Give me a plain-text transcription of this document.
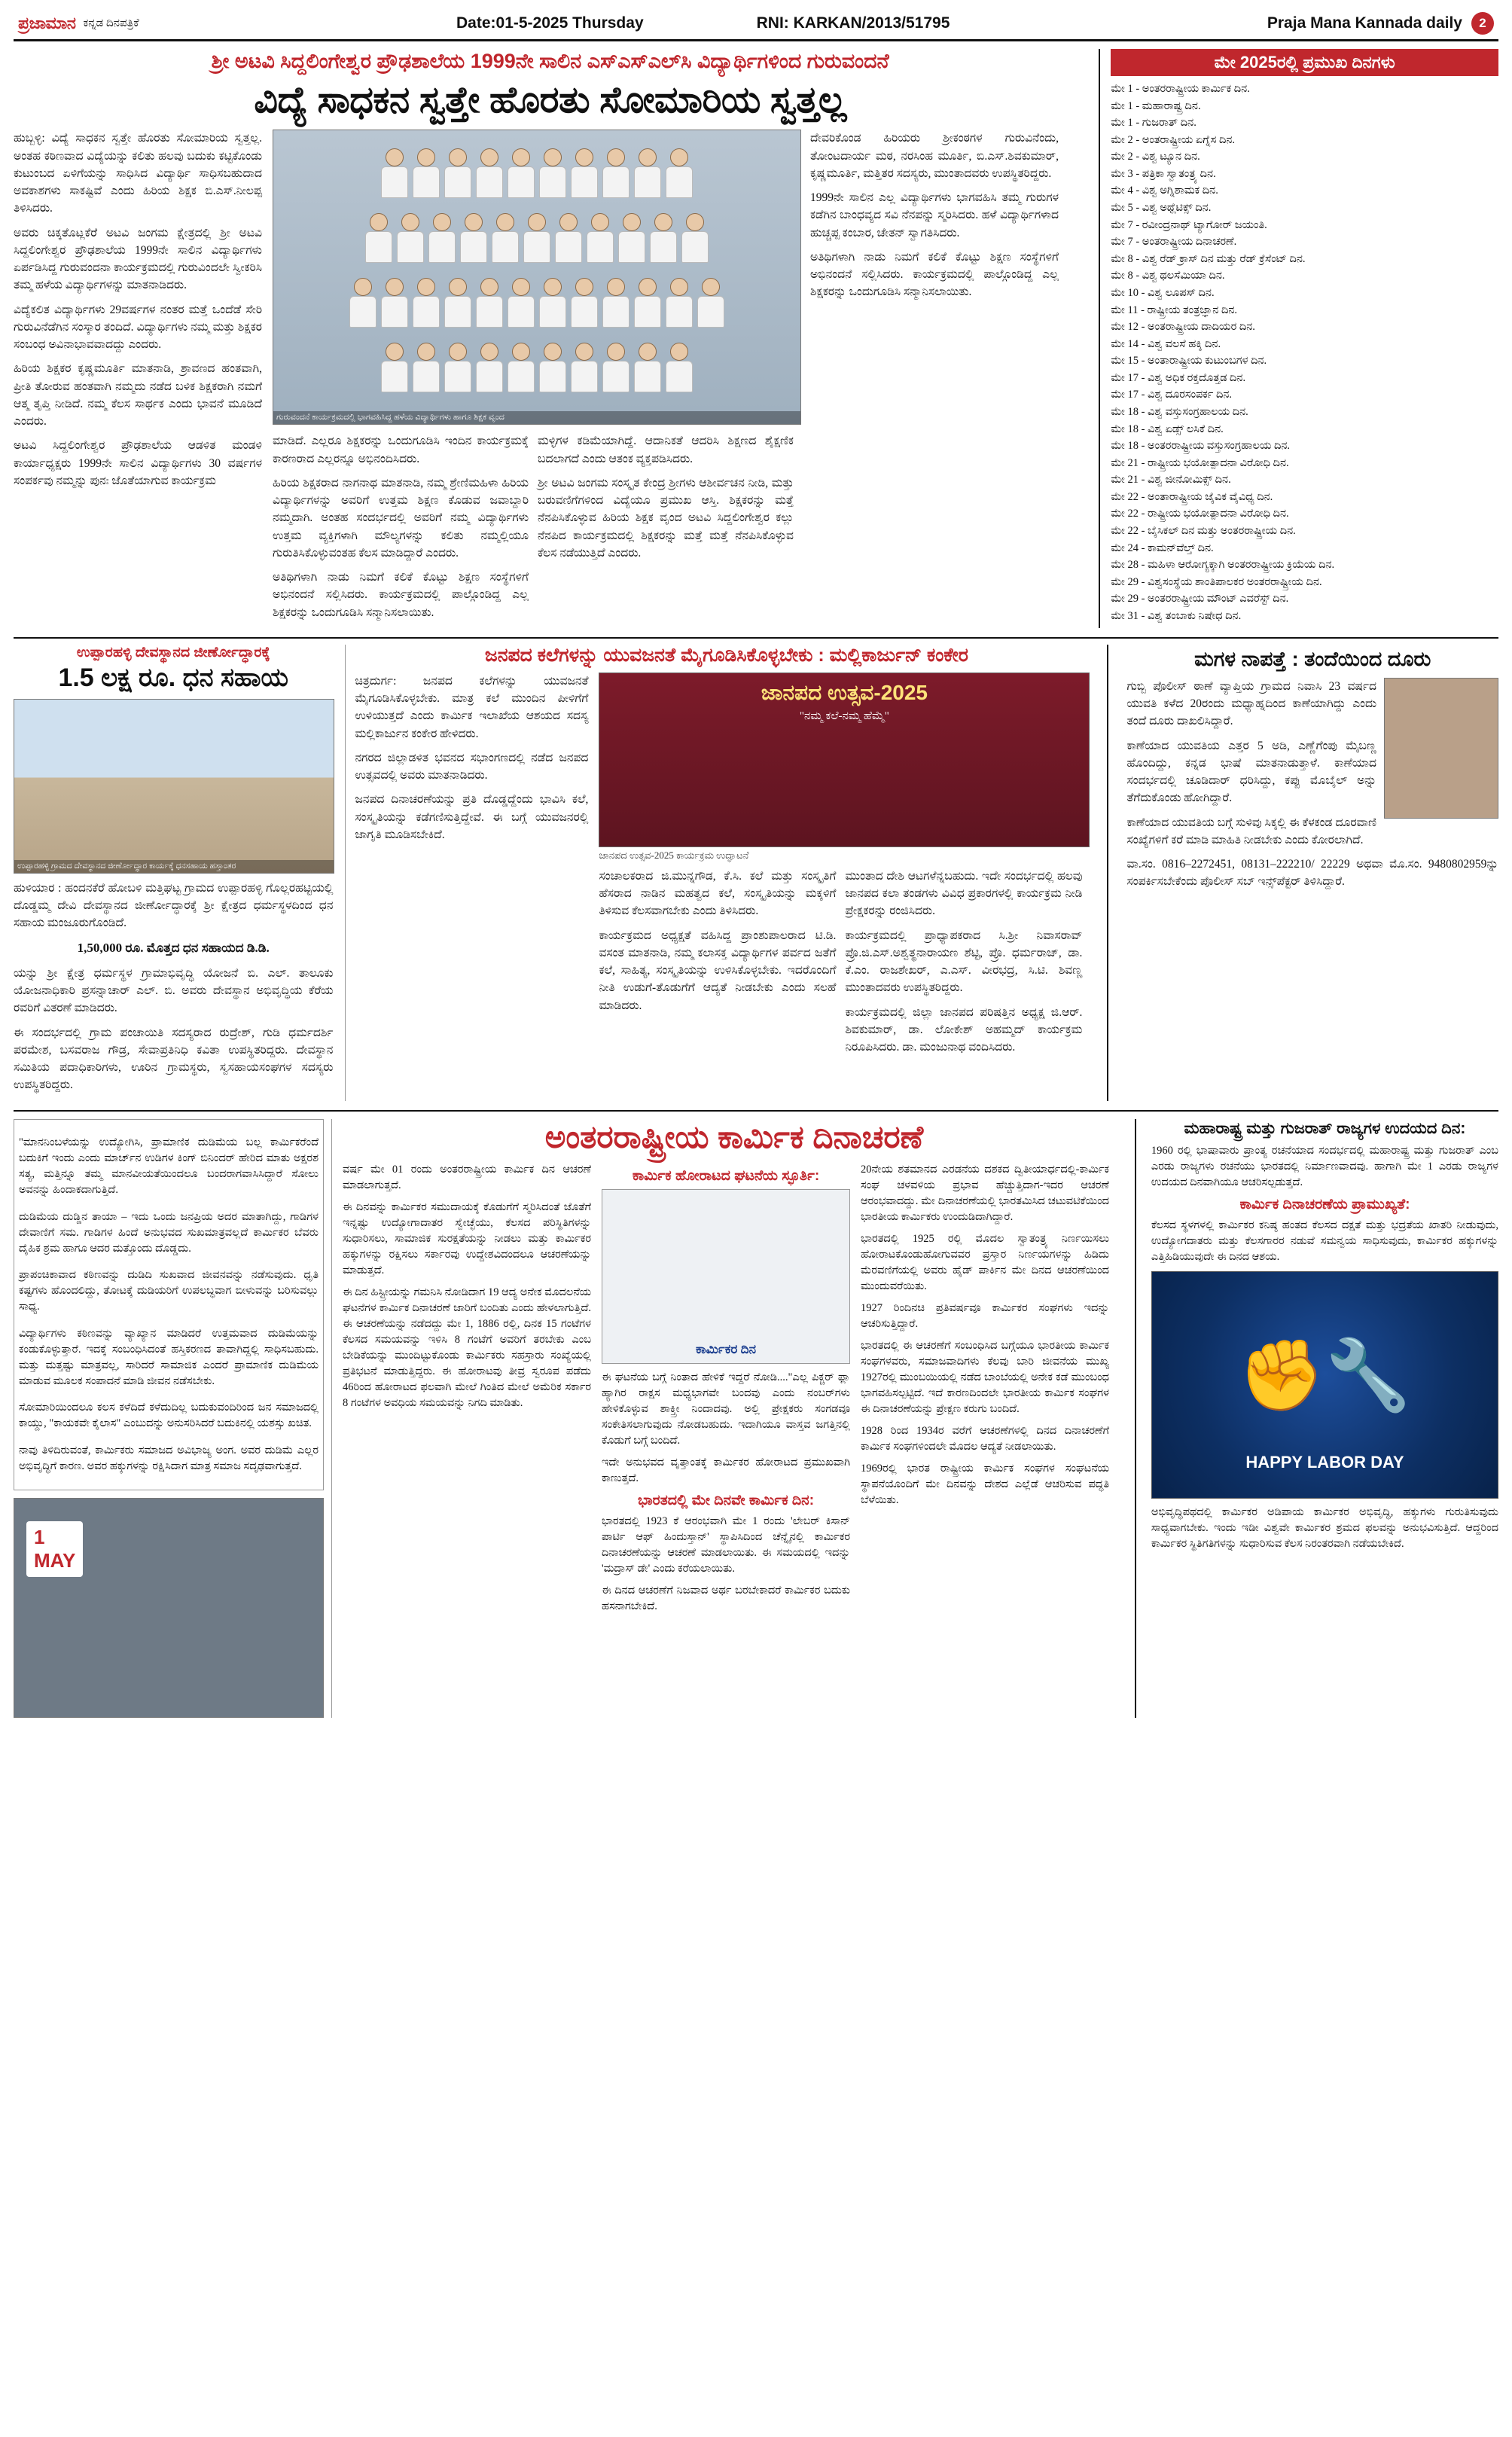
ಪ್ರಜಾಮಾನ ಕನ್ನಡ ದಿನಪತ್ರಿಕೆ	Date:01-5-2025 Thursday	RNI: KARKAN/2013/51795	Praja Mana Kannada daily	2
ಶ್ರೀ ಅಟವಿ ಸಿದ್ದಲಿಂಗೇಶ್ವರ ಪ್ರೌಢಶಾಲೆಯ 1999ನೇ ಸಾಲಿನ ಎಸ್ಎಸ್ಎಲ್‌ಸಿ ವಿದ್ಯಾರ್ಥಿಗಳಿಂದ ಗುರುವಂದನೆ
ವಿದ್ಯೆ ಸಾಧಕನ ಸ್ವತ್ತೇ ಹೊರತು ಸೋಮಾರಿಯ ಸ್ವತ್ತಲ್ಲ

ಹುಬ್ಬಳ್ಳಿ: ವಿದ್ಯೆ ಸಾಧಕನ ಸ್ವತ್ತೇ ಹೊರತು ಸೋಮಾರಿಯ ಸ್ವತ್ತಲ್ಲ. ಅಂತಹ ಕಠಿಣವಾದ ವಿದ್ಯೆಯನ್ನು ಕಲಿತು ಹಲವು ಬದುಕು ಕಟ್ಟಿಕೊಂಡು ಕುಟುಂಬದ ಏಳಿಗೆಯನ್ನು ಸಾಧಿಸಿದ ವಿದ್ಯಾರ್ಥಿ ಸಾಧಿಸಬಹುದಾದ ಅವಕಾಶಗಳು ಸಾಕಷ್ಟಿವೆ ಎಂದು ಹಿರಿಯ ಶಿಕ್ಷಕ ಬಿ.ಎಸ್.ನೀಲಪ್ಪ ತಿಳಿಸಿದರು.

ಅವರು ಚಿಕ್ಕತೊಟ್ಲಕೆರೆ ಅಟವಿ ಜಂಗಮ ಕ್ಷೇತ್ರದಲ್ಲಿ ಶ್ರೀ ಅಟವಿ ಸಿದ್ದಲಿಂಗೇಶ್ವರ ಪ್ರೌಢಶಾಲೆಯ 1999ನೇ ಸಾಲಿನ ವಿದ್ಯಾರ್ಥಿಗಳು ಏರ್ಪಡಿಸಿದ್ದ ಗುರುವಂದನಾ ಕಾರ್ಯಕ್ರಮದಲ್ಲಿ ಗುರುವಿಂದಲೇ ಸ್ವೀಕರಿಸಿ ತಮ್ಮ ಹಳೆಯ ವಿದ್ಯಾರ್ಥಿಗಳನ್ನು ಮಾತನಾಡಿದರು.

ವಿದ್ಯೆಕಲಿತ ವಿದ್ಯಾರ್ಥಿಗಳು 29ವರ್ಷಗಳ ನಂತರ ಮತ್ತೆ ಒಂದೆಡೆ ಸೇರಿ ಗುರುವಿನೆಡೆಗಿನ ಸಂಸ್ಕಾರ ತಂದಿದೆ. ವಿದ್ಯಾರ್ಥಿಗಳು ನಮ್ಮ ಮತ್ತು ಶಿಕ್ಷಕರ ಸಂಬಂಧ ಅವಿನಾಭಾವವಾದದ್ದು ಎಂದರು.

ಹಿರಿಯ ಶಿಕ್ಷಕರ ಕೃಷ್ಣಮೂರ್ತಿ ಮಾತನಾಡಿ, ಶ್ರಾವಣದ ಹಂತವಾಗಿ, ಪ್ರೀತಿ ತೋರುವ ಹಂತವಾಗಿ ನಮ್ಮದು ನಡೆದ ಬಳಿಕ ಶಿಕ್ಷಕರಾಗಿ ನಮಗೆ ಆತ್ಮ ತೃಪ್ತಿ ನೀಡಿದೆ. ನಮ್ಮ ಕೆಲಸ ಸಾರ್ಥಕ ಎಂದು ಭಾವನೆ ಮೂಡಿದೆ ಎಂದರು.

ಅಟವಿ ಸಿದ್ದಲಿಂಗೇಶ್ವರ ಪ್ರೌಢಶಾಲೆಯ ಆಡಳಿತ ಮಂಡಳಿ ಕಾರ್ಯಾಧ್ಯಕ್ಷರು 1999ನೇ ಸಾಲಿನ ವಿದ್ಯಾರ್ಥಿಗಳು 30 ವರ್ಷಗಳ ಸಂಪರ್ಕವು ನಮ್ಮನ್ನು ಪುನಃ ಜೊತೆಯಾಗುವ ಕಾರ್ಯಕ್ರಮ

ಗುರುವಂದನೆ ಕಾರ್ಯಕ್ರಮದಲ್ಲಿ ಭಾಗವಹಿಸಿದ್ದ ಹಳೆಯ ವಿದ್ಯಾರ್ಥಿಗಳು ಹಾಗೂ ಶಿಕ್ಷಕ ವೃಂದ

ಮಾಡಿದೆ. ಎಲ್ಲರೂ ಶಿಕ್ಷಕರನ್ನು ಒಂದುಗೂಡಿಸಿ ಇಂದಿನ ಕಾರ್ಯಕ್ರಮಕ್ಕೆ ಕಾರಣರಾದ ಎಲ್ಲರನ್ನೂ ಅಭಿನಂದಿಸಿದರು.

ಹಿರಿಯ ಶಿಕ್ಷಕರಾದ ನಾಗನಾಥ ಮಾತನಾಡಿ, ನಮ್ಮ ಶ್ರೇಣಿಮಹಿಳಾ ಹಿರಿಯ ವಿದ್ಯಾರ್ಥಿಗಳನ್ನು ಅವರಿಗೆ ಉತ್ತಮ ಶಿಕ್ಷಣ ಕೊಡುವ ಜವಾಬ್ದಾರಿ ನಮ್ಮದಾಗಿ. ಅಂತಹ ಸಂದರ್ಭದಲ್ಲಿ ಅವರಿಗೆ ನಮ್ಮ ವಿದ್ಯಾರ್ಥಿಗಳು ಉತ್ತಮ ವ್ಯಕ್ತಿಗಳಾಗಿ ಮೌಲ್ಯಗಳನ್ನು ಕಲಿತು ನಮ್ಮಲ್ಲಿಯೂ ಗುರುತಿಸಿಕೊಳ್ಳುವಂತಹ ಕೆಲಸ ಮಾಡಿದ್ದಾರೆ ಎಂದರು.

ಅತಿಥಿಗಳಾಗಿ ನಾಡು ನಿಮಗೆ ಕಲಿಕೆ ಕೊಟ್ಟು ಶಿಕ್ಷಣ ಸಂಸ್ಥೆಗಳಿಗೆ ಅಭಿನಂದನೆ ಸಲ್ಲಿಸಿದರು. ಕಾರ್ಯಕ್ರಮದಲ್ಲಿ ಪಾಲ್ಗೊಂಡಿದ್ದ ಎಲ್ಲ ಶಿಕ್ಷಕರನ್ನು ಒಂದುಗೂಡಿಸಿ ಸನ್ಮಾನಿಸಲಾಯಿತು.

ಮಳ್ಳಿಗಳ ಕಡಿಮೆಯಾಗಿದ್ದೆ. ಆದಾನಿಕತೆ ಆದರಿಸಿ ಶಿಕ್ಷಣದ ಶೈಕ್ಷಣಿಕ ಬದಲಾಗದೆ ಎಂದು ಆತಂಕ ವ್ಯಕ್ತಪಡಿಸಿದರು.

ಶ್ರೀ ಅಟವಿ ಜಂಗಮ ಸಂಸ್ಕೃತ ಕೇಂದ್ರ ಶ್ರೀಗಳು ಆಶೀರ್ವಚನ ನೀಡಿ, ಮತ್ತು ಬರುವಣಿಗೆಗಳಿಂದ ವಿದ್ಯೆಯೂ ಪ್ರಮುಖ ಆಸ್ತಿ. ಶಿಕ್ಷಕರನ್ನು ಮತ್ತೆ ನೆನಪಿಸಿಕೊಳ್ಳುವ ಹಿರಿಯ ಶಿಕ್ಷಕ ವೃಂದ ಅಟವಿ ಸಿದ್ದಲಿಂಗೇಶ್ವರ ಕಲ್ಲು ನೆನಪಿದ ಕಾರ್ಯಕ್ರಮದಲ್ಲಿ ಶಿಕ್ಷಕರನ್ನು ಮತ್ತೆ ಮತ್ತೆ ನೆನಪಿಸಿಕೊಳ್ಳುವ ಕೆಲಸ ನಡೆಯುತ್ತಿದೆ ಎಂದರು.

ದೇವರಿಕೊಂಡ ಹಿರಿಯರು ಶ್ರೀಕಂಠಗಳ ಗುರುವಿನೆಂದು, ತೋಂಟದಾರ್ಯ ಮಠ, ನರಸಿಂಹ ಮೂರ್ತಿ, ಬಿ.ಎಸ್.ಶಿವಕುಮಾರ್, ಕೃಷ್ಣಮೂರ್ತಿ, ಮತ್ತಿತರ ಸದಸ್ಯರು, ಮುಂತಾದವರು ಉಪಸ್ಥಿತರಿದ್ದರು.

1999ನೇ ಸಾಲಿನ ಎಲ್ಲ ವಿದ್ಯಾರ್ಥಿಗಳು ಭಾಗವಹಿಸಿ ತಮ್ಮ ಗುರುಗಳ ಕಡೆಗಿನ ಬಾಂಧವ್ಯದ ಸವಿ ನೆನಪನ್ನು ಸ್ಮರಿಸಿದರು. ಹಳೆ ವಿದ್ಯಾರ್ಥಿಗಳಾದ ಹುಚ್ಚಪ್ಪ ಕಂಬಾರ, ಚೇತನ್ ಸ್ವಾಗತಿಸಿದರು.

ಅತಿಥಿಗಳಾಗಿ ನಾಡು ನಿಮಗೆ ಕಲಿಕೆ ಕೊಟ್ಟು ಶಿಕ್ಷಣ ಸಂಸ್ಥೆಗಳಿಗೆ ಅಭಿನಂದನೆ ಸಲ್ಲಿಸಿದರು. ಕಾರ್ಯಕ್ರಮದಲ್ಲಿ ಪಾಲ್ಗೊಂಡಿದ್ದ ಎಲ್ಲ ಶಿಕ್ಷಕರನ್ನು ಒಂದುಗೂಡಿಸಿ ಸನ್ಮಾನಿಸಲಾಯಿತು.

ಮೇ 2025ರಲ್ಲಿ ಪ್ರಮುಖ ದಿನಗಳು
ಮೇ 1 - ಅಂತರರಾಷ್ಟ್ರೀಯ ಕಾರ್ಮಿಕ ದಿನ.
ಮೇ 1 - ಮಹಾರಾಷ್ಟ್ರ ದಿನ.
ಮೇ 1 - ಗುಜರಾತ್ ದಿನ.
ಮೇ 2 - ಅಂತರಾಷ್ಟ್ರೀಯ ಏಗ್ನೆಸ ದಿನ.
ಮೇ 2 - ವಿಶ್ವ ಟ್ಯೂನ ದಿನ.
ಮೇ 3 - ಪತ್ರಿಕಾ ಸ್ವಾತಂತ್ರ್ಯ ದಿನ.
ಮೇ 4 - ವಿಶ್ವ ಅಗ್ನಿಶಾಮಕ ದಿನ.
ಮೇ 5 - ವಿಶ್ವ ಅಥ್ಲೆಟಿಕ್ಸ್ ದಿನ.
ಮೇ 7 - ರವೀಂದ್ರನಾಥ್ ಟ್ಯಾಗೋರ್ ಜಯಂತಿ.
ಮೇ 7 - ಅಂತರಾಷ್ಟ್ರೀಯ ದಿನಾಚರಣೆ.
ಮೇ 8 - ವಿಶ್ವ ರೆಡ್ ಕ್ರಾಸ್ ದಿನ ಮತ್ತು ರೆಡ್ ಕ್ರೆಸೆಂಟ್ ದಿನ.
ಮೇ 8 - ವಿಶ್ವ ಥಲಸೆಮಿಯಾ ದಿನ.
ಮೇ 10 - ವಿಶ್ವ ಲೂಪಸ್ ದಿನ.
ಮೇ 11 - ರಾಷ್ಟ್ರೀಯ ತಂತ್ರಜ್ಞಾನ ದಿನ.
ಮೇ 12 - ಅಂತರಾಷ್ಟ್ರೀಯ ದಾದಿಯರ ದಿನ.
ಮೇ 14 - ವಿಶ್ವ ವಲಸೆ ಹಕ್ಕಿ ದಿನ.
ಮೇ 15 - ಅಂತಾರಾಷ್ಟ್ರೀಯ ಕುಟುಂಬಗಳ ದಿನ.
ಮೇ 17 - ವಿಶ್ವ ಅಧಿಕ ರಕ್ತದೊತ್ತಡ ದಿನ.
ಮೇ 17 - ವಿಶ್ವ ದೂರಸಂಪರ್ಕ ದಿನ.
ಮೇ 18 - ವಿಶ್ವ ವಸ್ತುಸಂಗ್ರಹಾಲಯ ದಿನ.
ಮೇ 18 - ವಿಶ್ವ ಏಡ್ಸ್ ಲಸಿಕೆ ದಿನ.
ಮೇ 18 - ಅಂತರರಾಷ್ಟ್ರೀಯ ವಸ್ತುಸಂಗ್ರಹಾಲಯ ದಿನ.
ಮೇ 21 - ರಾಷ್ಟ್ರೀಯ ಭಯೋತ್ಪಾದನಾ ವಿರೋಧಿ ದಿನ.
ಮೇ 21 - ವಿಶ್ವ ಜೀನೋಮಿಕ್ಸ್ ದಿನ.
ಮೇ 22 - ಅಂತಾರಾಷ್ಟ್ರೀಯ ಜೈವಿಕ ವೈವಿಧ್ಯ ದಿನ.
ಮೇ 22 - ರಾಷ್ಟ್ರೀಯ ಭಯೋತ್ಪಾದನಾ ವಿರೋಧಿ ದಿನ.
ಮೇ 22 - ಬೈಸಿಕಲ್ ದಿನ ಮತ್ತು ಅಂತರರಾಷ್ಟ್ರೀಯ ದಿನ.
ಮೇ 24 - ಕಾಮನ್‌ವೆಲ್ತ್ ದಿನ.
ಮೇ 28 - ಮಹಿಳಾ ಆರೋಗ್ಯಕ್ಕಾಗಿ ಅಂತರರಾಷ್ಟ್ರೀಯ ಕ್ರಿಯೆಯ ದಿನ.
ಮೇ 29 - ವಿಶ್ವಸಂಸ್ಥೆಯ ಶಾಂತಿಪಾಲಕರ ಅಂತರರಾಷ್ಟ್ರೀಯ ದಿನ.
ಮೇ 29 - ಅಂತರರಾಷ್ಟ್ರೀಯ ಮೌಂಟ್ ಎವರೆಸ್ಟ್ ದಿನ.
ಮೇ 31 - ವಿಶ್ವ ತಂಬಾಕು ನಿಷೇಧ ದಿನ.
ಉಪ್ಪಾರಹಳ್ಳಿ ದೇವಸ್ಥಾನದ ಜೀರ್ಣೋದ್ಧಾರಕ್ಕೆ
1.5 ಲಕ್ಷ ರೂ. ಧನ ಸಹಾಯ
ಉಪ್ಪಾರಹಳ್ಳಿ ಗ್ರಾಮದ ದೇವಸ್ಥಾನದ ಜೀರ್ಣೋದ್ಧಾರ ಕಾರ್ಯಕ್ಕೆ ಧನಸಹಾಯ ಹಸ್ತಾಂತರ

ಹುಳಿಯಾರ : ಹಂದನಕೆರೆ ಹೋಬಳಿ ಮತ್ತಿಘಟ್ಟ ಗ್ರಾಮದ ಉಪ್ಪಾರಹಳ್ಳಿ ಗೊಲ್ಲರಹಟ್ಟಿಯಲ್ಲಿ ದೊಡ್ಡಮ್ಮ ದೇವಿ ದೇವಸ್ಥಾನದ ಜೀರ್ಣೋದ್ಧಾರಕ್ಕೆ ಶ್ರೀ ಕ್ಷೇತ್ರದ ಧರ್ಮಸ್ಥಳದಿಂದ ಧನ ಸಹಾಯ ಮಂಜೂರುಗೊಂಡಿದೆ.

1,50,000 ರೂ. ಮೊತ್ತದ ಧನ ಸಹಾಯದ ಡಿ.ಡಿ.

ಯನ್ನು ಶ್ರೀ ಕ್ಷೇತ್ರ ಧರ್ಮಸ್ಥಳ ಗ್ರಾಮಾಭಿವೃದ್ಧಿ ಯೋಜನೆ ಬಿ. ಎಲ್. ತಾಲೂಕು ಯೋಜನಾಧಿಕಾರಿ ಪ್ರಸನ್ನಾಚಾರ್ ಎಲ್. ಬಿ. ಅವರು ದೇವಸ್ಥಾನ ಅಭಿವೃದ್ಧಿಯ ಕೆರೆಯ ರವರಿಗೆ ವಿತರಣೆ ಮಾಡಿದರು.

ಈ ಸಂದರ್ಭದಲ್ಲಿ ಗ್ರಾಮ ಪಂಚಾಯಿತಿ ಸದಸ್ಯರಾದ ರುದ್ರೇಶ್, ಗುಡಿ ಧರ್ಮದರ್ಶಿ ಪರಮೇಶ, ಬಸವರಾಜ ಗೌಡ್ರ, ಸೇವಾಪ್ರತಿನಿಧಿ ಕವಿತಾ ಉಪಸ್ಥಿತರಿದ್ದರು. ದೇವಸ್ಥಾನ ಸಮಿತಿಯ ಪದಾಧಿಕಾರಿಗಳು, ಊರಿನ ಗ್ರಾಮಸ್ಥರು, ಸ್ವಸಹಾಯಸಂಘಗಳ ಸದಸ್ಯರು ಉಪಸ್ಥಿತರಿದ್ದರು.

ಜನಪದ ಕಲೆಗಳನ್ನು ಯುವಜನತೆ ಮೈಗೂಡಿಸಿಕೊಳ್ಳಬೇಕು : ಮಲ್ಲಿಕಾರ್ಜುನ್ ಕಂಕೇರ

ಚಿತ್ರದುರ್ಗ: ಜನಪದ ಕಲೆಗಳನ್ನು ಯುವಜನತೆ ಮೈಗೂಡಿಸಿಕೊಳ್ಳಬೇಕು. ಮಾತ್ರ ಕಲೆ ಮುಂದಿನ ಪೀಳಿಗೆಗೆ ಉಳಿಯುತ್ತದೆ ಎಂದು ಕಾರ್ಮಿಕ ಇಲಾಖೆಯ ಆಶಯದ ಸದಸ್ಯ ಮಲ್ಲಿಕಾರ್ಜುನ ಕಂಕೇರ ಹೇಳಿದರು.

ನಗರದ ಜಿಲ್ಲಾಡಳಿತ ಭವನದ ಸಭಾಂಗಣದಲ್ಲಿ ನಡೆದ ಜನಪದ ಉತ್ಸವದಲ್ಲಿ ಅವರು ಮಾತನಾಡಿದರು.

ಜನಪದ ದಿನಾಚರಣೆಯನ್ನು ಪ್ರತಿ ದೊಡ್ಡದ್ದೆಂದು ಭಾವಿಸಿ ಕಲೆ, ಸಂಸ್ಕೃತಿಯನ್ನು ಕಡೆಗಣಿಸುತ್ತಿದ್ದೇವೆ. ಈ ಬಗ್ಗೆ ಯುವಜನರಲ್ಲಿ ಜಾಗೃತಿ ಮೂಡಿಸಬೇಕಿದೆ.

ಜಾನಪದ ಉತ್ಸವ-2025
"ನಮ್ಮ ಕಲೆ-ನಮ್ಮ ಹೆಮ್ಮೆ"
ಜಾನಪದ ಉತ್ಸವ-2025 ಕಾರ್ಯಕ್ರಮ ಉದ್ಘಾಟನೆ

ಸಂಚಾಲಕರಾದ ಜಿ.ಮುನ್ನಗೌಡ, ಕೆ.ಸಿ. ಕಲೆ ಮತ್ತು ಸಂಸ್ಕೃತಿಗೆ ಹೆಸರಾದ ನಾಡಿನ ಮಹತ್ವದ ಕಲೆ, ಸಂಸ್ಕೃತಿಯನ್ನು ಮಕ್ಕಳಿಗೆ ತಿಳಿಸುವ ಕೆಲಸವಾಗಬೇಕು ಎಂದು ತಿಳಿಸಿದರು.

ಕಾರ್ಯಕ್ರಮದ ಅಧ್ಯಕ್ಷತೆ ವಹಿಸಿದ್ದ ಪ್ರಾಂಶುಪಾಲರಾದ ಟಿ.ಡಿ. ವಸಂತ ಮಾತನಾಡಿ, ನಮ್ಮ ಕಲಾಸಕ್ತ ವಿದ್ಯಾರ್ಥಿಗಳ ಪರ್ವದ ಜತೆಗೆ ಕಲೆ, ಸಾಹಿತ್ಯ, ಸಂಸ್ಕೃತಿಯನ್ನು ಉಳಿಸಿಕೊಳ್ಳಬೇಕು. ಇದರೊಂದಿಗೆ ನೀತಿ ಉಡುಗೆ-ತೊಡುಗೆಗೆ ಆದ್ಯತೆ ನೀಡಬೇಕು ಎಂದು ಸಲಹೆ ಮಾಡಿದರು.

ಮುಂತಾದ ದೇಶಿ ಆಟಗಳೆನ್ನಬಹುದು. ಇದೇ ಸಂದರ್ಭದಲ್ಲಿ ಹಲವು ಜಾನಪದ ಕಲಾ ತಂಡಗಳು ವಿವಿಧ ಪ್ರಕಾರಗಳಲ್ಲಿ ಕಾರ್ಯಕ್ರಮ ನೀಡಿ ಪ್ರೇಕ್ಷಕರನ್ನು ರಂಜಿಸಿದರು.

ಕಾರ್ಯಕ್ರಮದಲ್ಲಿ ಪ್ರಾಧ್ಯಾಪಕರಾದ ಸಿ.ಶ್ರೀ ನಿವಾಸರಾವ್ ಪ್ರೊ.ಜಿ.ಎಸ್.ಅಶ್ವತ್ಥನಾರಾಯಣ ಶೆಟ್ಟಿ, ಪ್ರೊ. ಧರ್ಮರಾಜ್, ಡಾ. ಕೆ.ಎಂ. ರಾಜಶೇಖರ್, ಎ.ಎಸ್. ವೀರಭದ್ರ, ಸಿ.ಟಿ. ಶಿವಣ್ಣ ಮುಂತಾದವರು ಉಪಸ್ಥಿತರಿದ್ದರು.

ಕಾರ್ಯಕ್ರಮದಲ್ಲಿ ಜಿಲ್ಲಾ ಜಾನಪದ ಪರಿಷತ್ತಿನ ಅಧ್ಯಕ್ಷ ಜಿ.ಆರ್. ಶಿವಕುಮಾರ್, ಡಾ. ಲೋಕೇಶ್ ಅಹಮ್ಮದ್ ಕಾರ್ಯಕ್ರಮ ನಿರೂಪಿಸಿದರು. ಡಾ. ಮಂಜುನಾಥ ವಂದಿಸಿದರು.

ಮಗಳ ನಾಪತ್ತೆ : ತಂದೆಯಿಂದ ದೂರು

ಗುಬ್ಬಿ ಪೊಲೀಸ್ ಠಾಣೆ ವ್ಯಾಪ್ತಿಯ ಗ್ರಾಮದ ನಿವಾಸಿ 23 ವರ್ಷದ ಯುವತಿ ಕಳೆದ 20ರಂದು ಮಧ್ಯಾಹ್ನದಿಂದ ಕಾಣೆಯಾಗಿದ್ದು ಎಂದು ತಂದೆ ದೂರು ದಾಖಲಿಸಿದ್ದಾರೆ.

ಕಾಣೆಯಾದ ಯುವತಿಯ ಎತ್ತರ 5 ಅಡಿ, ಎಣ್ಣೆಗೆಂಪು ಮೈಬಣ್ಣ ಹೊಂದಿದ್ದು, ಕನ್ನಡ ಭಾಷೆ ಮಾತನಾಡುತ್ತಾಳೆ. ಕಾಣೆಯಾದ ಸಂದರ್ಭದಲ್ಲಿ ಚೂಡಿದಾರ್ ಧರಿಸಿದ್ದು, ಕಪ್ಪು ಮೊಬೈಲ್ ಅನ್ನು ತೆಗೆದುಕೊಂಡು ಹೋಗಿದ್ದಾರೆ.

ಕಾಣೆಯಾದ ಯುವತಿಯ ಬಗ್ಗೆ ಸುಳಿವು ಸಿಕ್ಕಲ್ಲಿ ಈ ಕೆಳಕಂಡ ದೂರವಾಣಿ ಸಂಖ್ಯೆಗಳಿಗೆ ಕರೆ ಮಾಡಿ ಮಾಹಿತಿ ನೀಡಬೇಕು ಎಂದು ಕೋರಲಾಗಿದೆ.

ವಾ.ಸಂ. 0816–2272451, 08131–222210/ 22229 ಅಥವಾ ಮೊ.ಸಂ. 9480802959ನ್ನು ಸಂಪರ್ಕಿಸಬೇಕೆಂದು ಪೊಲೀಸ್ ಸಬ್ ಇನ್ಸ್‌ಪೆಕ್ಟರ್ ತಿಳಿಸಿದ್ದಾರೆ.

"ಮಾನನಿಂಬಳೆಯನ್ನು ಉದ್ಯೋಗಿಸಿ, ಪ್ರಾಮಾಣಿಕ ದುಡಿಮೆಯ ಬಲ್ಲ ಕಾರ್ಮಿಕರೆಂದೆ ಬದುಕಿಗೆ ಇಂದು ಎಂದು ಮಾರ್ಚ್‌ನ ಉಡಿಗಳ ಕಿಂಗ್ ಬಿನಿಂದರ್ ಹೇರಿದ ಮಾತು ಅಕ್ಷರಶ ಸತ್ಯ, ಮತ್ತಿನ್ನೂ ತಮ್ಮ ಮಾನವೀಯತೆಯಿಂದಲೂ ಬಂದರಾಗವಾಸಿಸಿದ್ದಾರೆ ಸೋಲು ಅವನನ್ನು ಹಿಂದಾಕದಾಗುತ್ತಿದೆ.

ದುಡಿಮೆಯ ದುಡ್ಡಿನ ತಾಯಾ – ಇದು ಒಂದು ಜನಪ್ರಿಯ ಅದರ ಮಾತಾಗಿದ್ದು, ಗಾಡಿಗಳ ದೇವಾಣಿಗೆ ಸಮ. ಗಾಡಿಗಳ ಹಿಂದೆ ಅನುಭವದ ಸುಖಮಾತ್ರವಲ್ಲದೆ ಕಾರ್ಮಿಕರ ಬೆವರು ದೈಹಿಕ ಶ್ರಮ ಹಾಗೂ ಆದರ ಮತ್ತೊಂದು ದೊಡ್ಡದು.

ಪ್ರಾಪಂಚಿಕಾವಾದ ಕಠಿಣವನ್ನು ದುಡಿದಿ ಸುಖವಾದ ಜೀವನವನ್ನು ನಡೆಸುವುದು. ಧೃತಿ ಕಷ್ಟಗಳು ಹೊಂದಲಿದ್ದು, ತೋಟಕ್ಕೆ ದುಡಿಯರಿಗೆ ಉಪಲಬ್ಧವಾಗ ಬೀಳುವನ್ನು ಬರಿಸುವಲ್ಲು ಸಾಧ್ಯ.

ವಿದ್ಯಾರ್ಥಿಗಳು ಕಠಿಣವನ್ನು ವ್ಯಾಖ್ಯಾನ ಮಾಡಿದರೆ ಉತ್ತಮವಾದ ದುಡಿಮೆಯನ್ನು ಕಂಡುಕೊಳ್ಳುತ್ತಾರೆ. ಇದಕ್ಕೆ ಸಂಬಂಧಿಸಿದಂತೆ ಹಸ್ತಿಕರಣದ ತಾವಾಗಿದ್ದಲ್ಲಿ ಸಾಧಿಸಬಹುದು. ಮತ್ತು ಮತ್ತಷ್ಟು ಮಾತ್ರವಲ್ಲ, ಸಾರಿದರೆ ಸಾಮಾಜಿಕ ಎಂದರೆ ಪ್ರಾಮಾಣಿಕ ದುಡಿಮೆಯ ಮಾಡುವ ಮೂಲಕ ಸಂಪಾದನೆ ಮಾಡಿ ಜೀವನ ನಡೆಸಬೇಕು.

ಸೋಮಾರಿಯಿಂದಲೂ ಕಲಸ ಕಳೆದಿದೆ ಕಳೆದುದಿಲ್ಲ ಬದುಕುವಂದಿರಿಂದ ಜನ ಸಮಾಜದಲ್ಲಿ ಕಾಯ್ದು, "ಕಾಯಕವೇ ಕೈಲಾಸ" ಎಂಬುದನ್ನು ಅನುಸರಿಸಿದರೆ ಬದುಕಿನಲ್ಲಿ ಯಶಸ್ಸು ಖಚಿತ.

ನಾವು ತಿಳಿದಿರುವಂತೆ, ಕಾರ್ಮಿಕರು ಸಮಾಜದ ಅವಿಭಾಜ್ಯ ಅಂಗ. ಅವರ ದುಡಿಮೆ ಎಲ್ಲರ ಅಭಿವೃದ್ಧಿಗೆ ಕಾರಣ. ಅವರ ಹಕ್ಕುಗಳನ್ನು ರಕ್ಷಿಸಿದಾಗ ಮಾತ್ರ ಸಮಾಜ ಸದೃಢವಾಗುತ್ತದೆ.

1
MAY
ಅಂತರರಾಷ್ಟ್ರೀಯ ಕಾರ್ಮಿಕ ದಿನಾಚರಣೆ

ವರ್ಷ ಮೇ 01 ರಂದು ಅಂತರರಾಷ್ಟ್ರೀಯ ಕಾರ್ಮಿಕ ದಿನ ಆಚರಣೆ ಮಾಡಲಾಗುತ್ತದೆ.

ಈ ದಿನವನ್ನು ಕಾರ್ಮಿಕರ ಸಮುದಾಯಕ್ಕೆ ಕೊಡುಗೆಗೆ ಸ್ಮರಿಸಿದಂತೆ ಜೊತೆಗೆ ಇನ್ನಷ್ಟು ಉದ್ಯೋಗಾದಾತರ ಸ್ವೇಚ್ಛೆಯು, ಕೆಲಸದ ಪರಿಸ್ಥಿತಿಗಳನ್ನು ಸುಧಾರಿಸಲು, ಸಾಮಾಜಿಕ ಸುರಕ್ಷತೆಯನ್ನು ನೀಡಲು ಮತ್ತು ಕಾರ್ಮಿಕರ ಹಕ್ಕುಗಳನ್ನು ರಕ್ಷಿಸಲು ಸರ್ಕಾರವು ಉದ್ದೇಶವಿದಂದಲೂ ಆಚರಣೆಯನ್ನು ಮಾಡುತ್ತದೆ.

ಈ ದಿನ ಹಿಸ್ಟ್ರೀಯನ್ನು ಗಮನಿಸಿ ನೋಡಿದಾಗ 19 ಆದ್ಯ ಅನೇಕ ಮೊದಲನೆಯ ಘಟನೆಗಳ ಕಾರ್ಮಿಕ ದಿನಾಚರಣೆ ಜಾರಿಗೆ ಬಂದಿತು ಎಂದು ಹೇಳಲಾಗುತ್ತಿದೆ. ಈ ಆಚರಣೆಯನ್ನು ನಡೆದದ್ದು ಮೇ 1, 1886 ರಲ್ಲಿ, ದಿನಕ 15 ಗಂಟೆಗಳ ಕೆಲಸದ ಸಮಯವನ್ನು ಇಳಿಸಿ 8 ಗಂಟೆಗೆ ಅವರಿಗೆ ತರಬೇಕು ಎಂಬ ಬೇಡಿಕೆಯನ್ನು ಮುಂದಿಟ್ಟುಕೊಂಡು ಕಾರ್ಮಿಕರು ಸಹಸ್ರಾರು ಸಂಖ್ಯೆಯಲ್ಲಿ ಪ್ರತಿಭಟನೆ ಮಾಡುತ್ತಿದ್ದರು. ಈ ಹೋರಾಟವು ತೀವ್ರ ಸ್ವರೂಪ ಪಡೆದು 46ರಿಂದ ಹೋರಾಟದ ಫಲವಾಗಿ ಮೇಲೆ ಗಿಂತಿದ ಮೇಲೆ ಅಮೆರಿಕ ಸರ್ಕಾರ 8 ಗಂಟೆಗಳ ಅವಧಿಯ ಸಮಯವನ್ನು ನಿಗದಿ ಮಾಡಿತು.

ಕಾರ್ಮಿಕ ಹೋರಾಟದ ಘಟನೆಯ ಸ್ಫೂರ್ತಿ:
ಕಾರ್ಮಿಕರ ದಿನ

ಈ ಘಟನೆಯ ಬಗ್ಗೆ ನಿಂತಾದ ಹೇಳಿಕೆ ಇದ್ದರೆ ನೋಡಿ...."ಎಲ್ಲ ಪಿಕ್ಚರ್ ಫ್ಲಾ ಹ್ಯಾಗಿರ ರಾಕ್ಷಸ ಮಧ್ಯಭಾಗವೇ ಬಂದವು ಎಂದು ನಂಬರ್‌ಗಳು ಹೇಳಿಕೊಳ್ಳುವ ಶಾಕ್ತ್ರೀ ನಿಂದಾದವು. ಅಲ್ಲಿ ಪ್ರೇಕ್ಷಕರು ಸಂಗಡವೂ ಸಂಕೇತಿಸಲಾಗುವುದು ನೋಡಬಹುದು. ಇದಾಗಿಯೂ ವಾಸ್ತವ ಜಗತ್ತಿನಲ್ಲಿ ಕೊಡುಗೆ ಬಗ್ಗೆ ಬಂದಿದೆ.

ಇದೇ ಅನುಭವದ ವೃತ್ತಾಂತಕ್ಕೆ ಕಾರ್ಮಿಕರ ಹೋರಾಟದ ಪ್ರಮುಖವಾಗಿ ಕಾಣುತ್ತದೆ.

ಭಾರತದಲ್ಲಿ ಮೇ ದಿನವೇ ಕಾರ್ಮಿಕ ದಿನ:

ಭಾರತದಲ್ಲಿ 1923 ಕೆ ಆರಂಭವಾಗಿ ಮೇ 1 ರಂದು 'ಲೇಬರ್ ಕಿಸಾನ್ ಪಾರ್ಟಿ ಆಫ್ ಹಿಂದುಸ್ತಾನ್' ಸ್ಥಾಪಿಸಿದಿಂದ ಚೆನ್ನೈನಲ್ಲಿ ಕಾರ್ಮಿಕರ ದಿನಾಚರಣೆಯನ್ನು ಆಚರಣೆ ಮಾಡಲಾಯಿತು. ಈ ಸಮಯದಲ್ಲಿ ಇದನ್ನು 'ಮದ್ರಾಸ್ ಡೇ' ಎಂದು ಕರೆಯಲಾಯಿತು.

ಈ ದಿನದ ಆಚರಣೆಗೆ ನಿಜವಾದ ಅರ್ಥ ಬರಬೇಕಾದರೆ ಕಾರ್ಮಿಕರ ಬದುಕು ಹಸನಾಗಬೇಕಿದೆ.

20ನೇಯ ಶತಮಾನದ ಎರಡನೆಯ ದಶಕದ ದ್ವಿತೀಯಾರ್ಧದಲ್ಲಿ-ಕಾರ್ಮಿಕ ಸಂಘ ಚಳವಳಿಯ ಪ್ರಭಾವ ಹೆಚ್ಚುತ್ತಿದಾಗ-ಇದರ ಆಚರಣೆ ಆರಂಭವಾದದ್ದು. ಮೇ ದಿನಾಚರಣೆಯಲ್ಲಿ ಭಾರತಮಿಸಿದ ಚಟುವಟಿಕೆಯಿಂದ ಭಾರತೀಯ ಕಾರ್ಮಿಕರು ಉಂದುಡಿದಾಗಿದ್ದಾರೆ.

ಭಾರತದಲ್ಲಿ 1925 ರಲ್ಲಿ ಮೊದಲ ಸ್ವಾತಂತ್ರ್ಯ ನಿರ್ಣಯಿಸಲು ಹೋರಾಟಕೊಂಡುಹೋಗುವವರ ಪ್ರಸ್ತಾರ ನಿರ್ಣಯಗಳನ್ನು ಹಿಡಿದು ಮೆರವಣಿಗೆಯಲ್ಲಿ ಅವರು ಹೈಡ್ ಪಾರ್ಕಿನ ಮೇ ದಿನದ ಆಚರಣೆಯಿಂದ ಮುಂದುವರೆಯಿತು.

1927 ರಿಂದಿನಚಿ ಪ್ರತಿವರ್ಷವೂ ಕಾರ್ಮಿಕರ ಸಂಘಗಳು ಇದನ್ನು ಆಚರಿಸುತ್ತಿದ್ದಾರೆ.

ಭಾರತದಲ್ಲಿ ಈ ಆಚರಣೆಗೆ ಸಂಬಂಧಿಸಿದ ಬಗ್ಗೆಯೂ ಭಾರತೀಯ ಕಾರ್ಮಿಕ ಸಂಘಗಳವರು, ಸಮಾಜವಾದಿಗಳು ಕೆಲವು ಬಾರಿ ಜೀವನೆಯ ಮುಖ್ಯ 1927ರಲ್ಲಿ ಮುಂಬಯಿಯಲ್ಲಿ ನಡೆದ ಬಾಂಬೆಯಲ್ಲಿ ಅನೇಕ ಕಡೆ ಮುಂಬಂಧ ಭಾಗವಹಿಸಲ್ಪಟ್ಟಿದೆ. ಇದೆ ಕಾರಣದಿಂದಲೇ ಭಾರತೀಯ ಕಾರ್ಮಿಕ ಸಂಘಗಳ ಈ ದಿನಾಚರಣೆಯನ್ನು ಪ್ರೇಕ್ಷಣ ಕರುಗು ಬಂದಿದೆ.

1928 ರಿಂದ 1934ರ ವರೆಗೆ ಆಚರಣೆಗಳಲ್ಲಿ ದಿನದ ದಿನಾಚರಣೆಗೆ ಕಾರ್ಮಿಕ ಸಂಘಗಳಿಂದಲೇ ಮೊದಲ ಆದ್ಯತೆ ನೀಡಲಾಯಿತು.

1969ರಲ್ಲಿ ಭಾರತ ರಾಷ್ಟ್ರೀಯ ಕಾರ್ಮಿಕ ಸಂಘಗಳ ಸಂಘಟನೆಯ ಸ್ಥಾಪನೆಯೊಂದಿಗೆ ಮೇ ದಿನವನ್ನು ದೇಶದ ಎಲ್ಲೆಡೆ ಆಚರಿಸುವ ಪದ್ಧತಿ ಬೆಳೆಯಿತು.

ಮಹಾರಾಷ್ಟ್ರ ಮತ್ತು ಗುಜರಾತ್ ರಾಜ್ಯಗಳ ಉದಯದ ದಿನ:

1960 ರಲ್ಲಿ ಭಾಷಾವಾರು ಪ್ರಾಂತ್ಯ ರಚನೆಯಾದ ಸಂದರ್ಭದಲ್ಲಿ ಮಹಾರಾಷ್ಟ್ರ ಮತ್ತು ಗುಜರಾತ್ ಎಂಬ ಎರಡು ರಾಜ್ಯಗಳು ರಚನೆಯು ಭಾರತದಲ್ಲಿ ನಿರ್ಮಾಣವಾದವು. ಹಾಗಾಗಿ ಮೇ 1 ಎರಡು ರಾಜ್ಯಗಳ ಉದಯದ ದಿನವಾಗಿಯೂ ಆಚರಿಸಲ್ಪಡುತ್ತದೆ.

ಕಾರ್ಮಿಕ ದಿನಾಚರಣೆಯ ಪ್ರಾಮುಖ್ಯತೆ:

ಕೆಲಸದ ಸ್ಥಳಗಳಲ್ಲಿ ಕಾರ್ಮಿಕರ ಕನಿಷ್ಠ ಹಂತದ ಕೆಲಸದ ದಕ್ಷತೆ ಮತ್ತು ಭದ್ರತೆಯ ಖಾತರಿ ನೀಡುವುದು, ಉದ್ಯೋಗದಾತರು ಮತ್ತು ಕೆಲಸಗಾರರ ನಡುವೆ ಸಮನ್ವಯ ಸಾಧಿಸುವುದು, ಕಾರ್ಮಿಕರ ಹಕ್ಕುಗಳನ್ನು ಎತ್ತಿಹಿಡಿಯುವುದೇ ಈ ದಿನದ ಆಶಯ.

✊🔧
HAPPY LABOR DAY

ಅಭಿವೃದ್ಧಿಪಥದಲ್ಲಿ ಕಾರ್ಮಿಕರ ಅಡಿಪಾಯ ಕಾರ್ಮಿಕರ ಅಭಿವೃದ್ಧಿ, ಹಕ್ಕುಗಳು ಗುರುತಿಸುವುದು ಸಾಧ್ಯವಾಗಬೇಕು. ಇಂದು ಇಡೀ ವಿಶ್ವವೇ ಕಾರ್ಮಿಕರ ಶ್ರಮದ ಫಲವನ್ನು ಅನುಭವಿಸುತ್ತಿದೆ. ಆದ್ದರಿಂದ ಕಾರ್ಮಿಕರ ಸ್ಥಿತಿಗತಿಗಳನ್ನು ಸುಧಾರಿಸುವ ಕೆಲಸ ನಿರಂತರವಾಗಿ ನಡೆಯಬೇಕಿದೆ.
